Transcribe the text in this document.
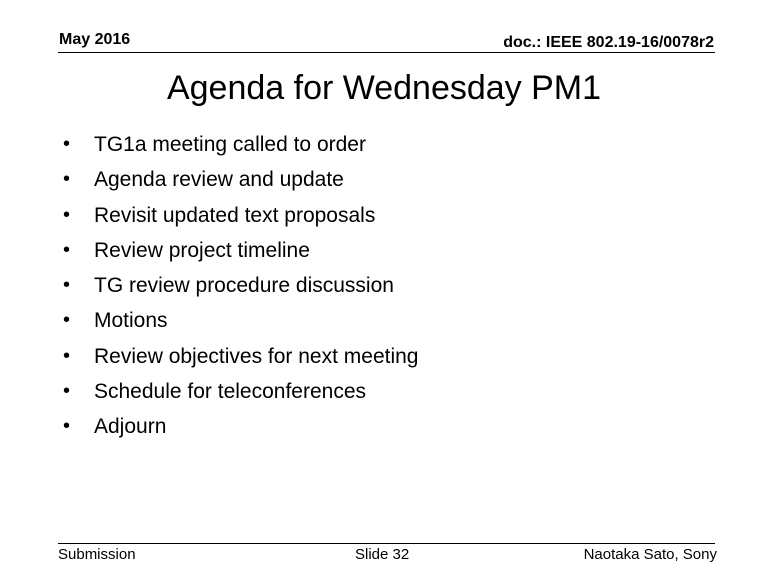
May 2016	doc.: IEEE 802.19-16/0078r2
Agenda for Wednesday PM1
•	TG1a meeting called to order
•	Agenda review and update
•	Revisit updated text proposals
•	Review project timeline
•	TG review procedure discussion
•	Motions
•	Review objectives for next meeting
•	Schedule for teleconferences
•	Adjourn
Submission	Slide 32	Naotaka Sato, Sony
